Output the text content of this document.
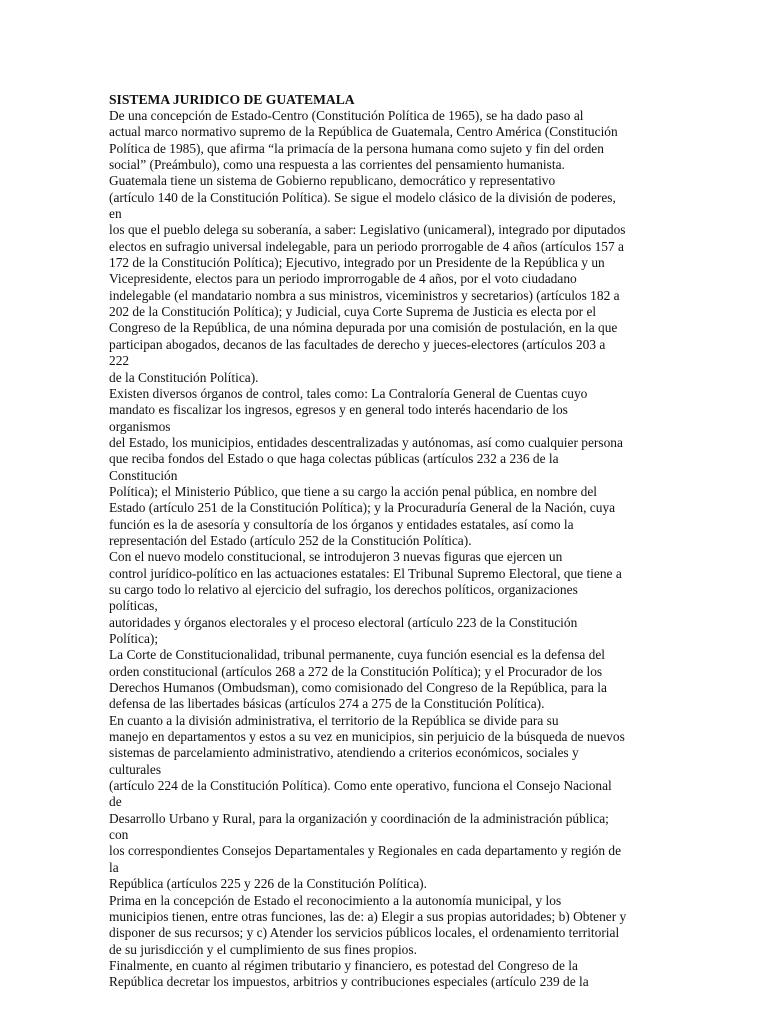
SISTEMA JURIDICO DE GUATEMALA
De una concepción de Estado-Centro (Constitución Política de 1965), se ha dado paso al
actual marco normativo supremo de la República de Guatemala, Centro América (Constitución
Política de 1985), que afirma “la primacía de la persona humana como sujeto y fin del orden
social” (Preámbulo), como una respuesta a las corrientes del pensamiento humanista.
Guatemala tiene un sistema de Gobierno republicano, democrático y representativo
(artículo 140 de la Constitución Política). Se sigue el modelo clásico de la división de poderes,
en
los que el pueblo delega su soberanía, a saber: Legislativo (unicameral), integrado por diputados
electos en sufragio universal indelegable, para un periodo prorrogable de 4 años (artículos 157 a
172 de la Constitución Política); Ejecutivo, integrado por un Presidente de la República y un
Vicepresidente, electos para un periodo improrrogable de 4 años, por el voto ciudadano
indelegable (el mandatario nombra a sus ministros, viceministros y secretarios) (artículos 182 a
202 de la Constitución Política); y Judicial, cuya Corte Suprema de Justicia es electa por el
Congreso de la República, de una nómina depurada por una comisión de postulación, en la que
participan abogados, decanos de las facultades de derecho y jueces-electores (artículos 203 a
222
de la Constitución Política).
Existen diversos órganos de control, tales como: La Contraloría General de Cuentas cuyo
mandato es fiscalizar los ingresos, egresos y en general todo interés hacendario de los
organismos
del Estado, los municipios, entidades descentralizadas y autónomas, así como cualquier persona
que reciba fondos del Estado o que haga colectas públicas (artículos 232 a 236 de la
Constitución
Política); el Ministerio Público, que tiene a su cargo la acción penal pública, en nombre del
Estado (artículo 251 de la Constitución Política); y la Procuraduría General de la Nación, cuya
función es la de asesoría y consultoría de los órganos y entidades estatales, así como la
representación del Estado (artículo 252 de la Constitución Política).
Con el nuevo modelo constitucional, se introdujeron 3 nuevas figuras que ejercen un
control jurídico-político en las actuaciones estatales: El Tribunal Supremo Electoral, que tiene a
su cargo todo lo relativo al ejercicio del sufragio, los derechos políticos, organizaciones
políticas,
autoridades y órganos electorales y el proceso electoral (artículo 223 de la Constitución
Política);
La Corte de Constitucionalidad, tribunal permanente, cuya función esencial es la defensa del
orden constitucional (artículos 268 a 272 de la Constitución Política); y el Procurador de los
Derechos Humanos (Ombudsman), como comisionado del Congreso de la República, para la
defensa de las libertades básicas (artículos 274 a 275 de la Constitución Política).
En cuanto a la división administrativa, el territorio de la República se divide para su
manejo en departamentos y estos a su vez en municipios, sin perjuicio de la búsqueda de nuevos
sistemas de parcelamiento administrativo, atendiendo a criterios económicos, sociales y
culturales
(artículo 224 de la Constitución Política). Como ente operativo, funciona el Consejo Nacional
de
Desarrollo Urbano y Rural, para la organización y coordinación de la administración pública;
con
los correspondientes Consejos Departamentales y Regionales en cada departamento y región de
la
República (artículos 225 y 226 de la Constitución Política).
Prima en la concepción de Estado el reconocimiento a la autonomía municipal, y los
municipios tienen, entre otras funciones, las de: a) Elegir a sus propias autoridades; b) Obtener y
disponer de sus recursos; y c) Atender los servicios públicos locales, el ordenamiento territorial
de su jurisdicción y el cumplimiento de sus fines propios.
Finalmente, en cuanto al régimen tributario y financiero, es potestad del Congreso de la
República decretar los impuestos, arbitrios y contribuciones especiales (artículo 239 de la
